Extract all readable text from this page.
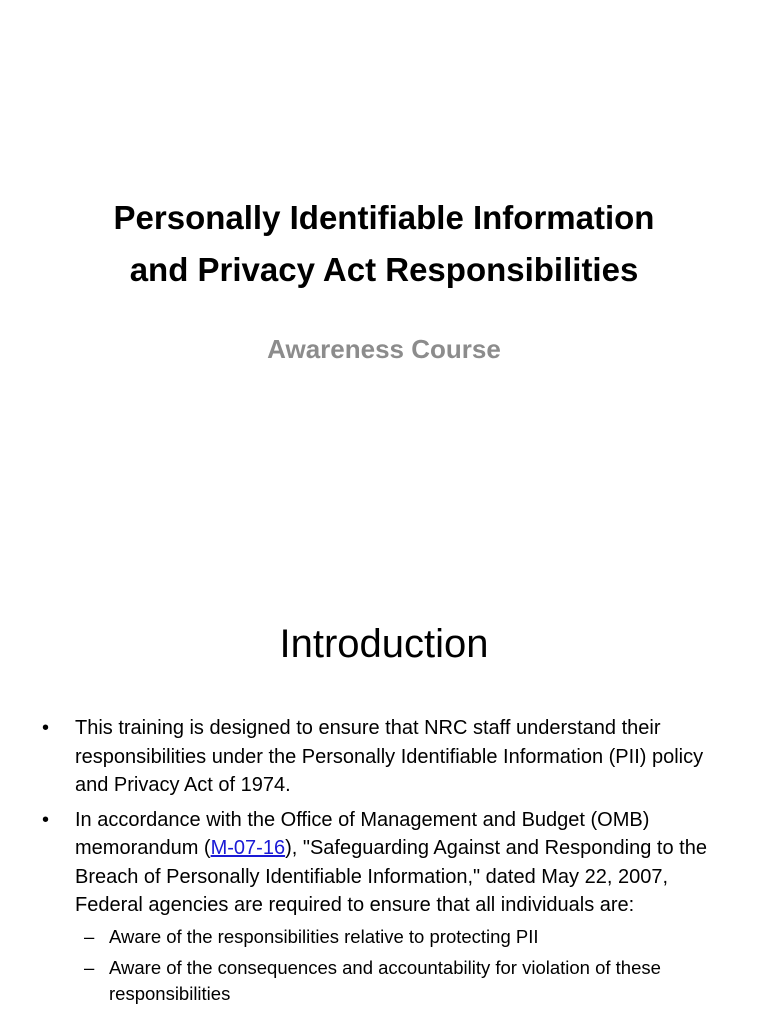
Personally Identifiable Information
and Privacy Act Responsibilities
Awareness Course
Introduction
• This training is designed to ensure that NRC staff understand their responsibilities under the Personally Identifiable Information (PII) policy and Privacy Act of 1974.
• In accordance with the Office of Management and Budget (OMB) memorandum (M-07-16), "Safeguarding Against and Responding to the Breach of Personally Identifiable Information," dated May 22, 2007, Federal agencies are required to ensure that all individuals are:
– Aware of the responsibilities relative to protecting PII
– Aware of the consequences and accountability for violation of these responsibilities
